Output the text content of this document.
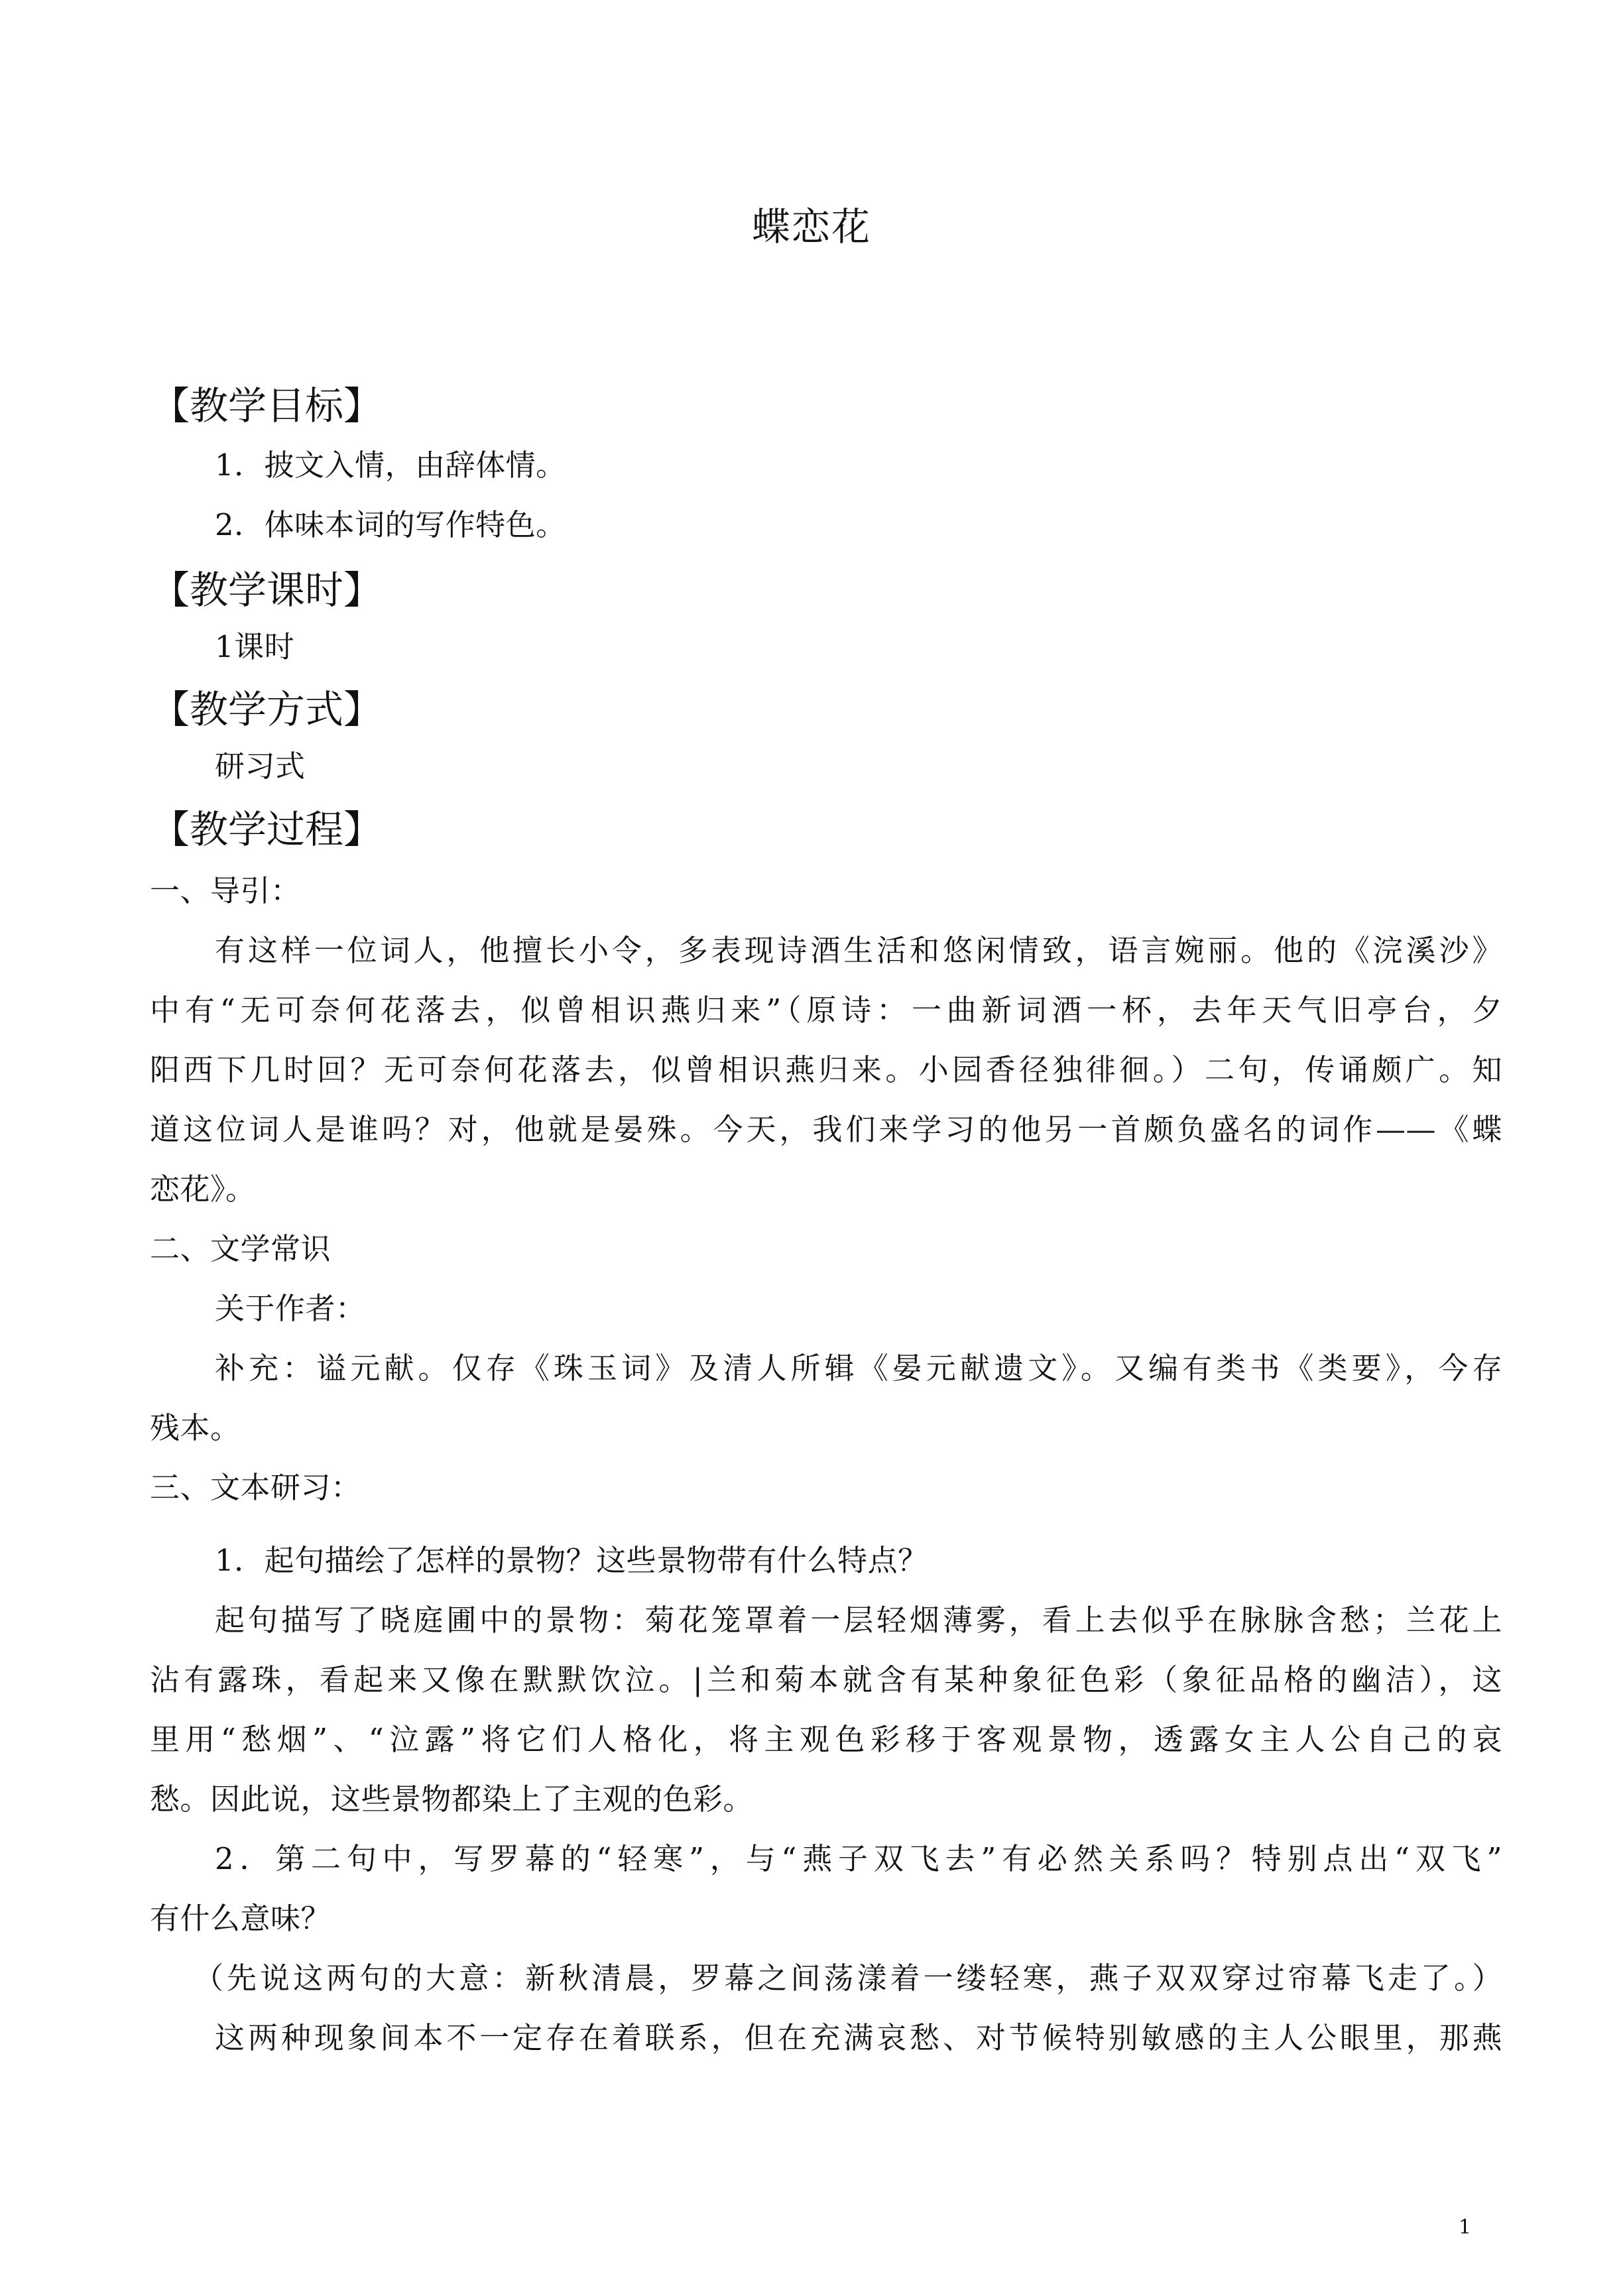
蝶恋花
【教学目标】
1．披文入情，由辞体情。
2．体味本词的写作特色。
【教学课时】
1课时
【教学方式】
研习式
【教学过程】
一、导引：
有这样一位词人，他擅长小令，多表现诗酒生活和悠闲情致，语言婉丽。他的《浣溪沙》
中有“无可奈何花落去，似曾相识燕归来”（原诗：一曲新词酒一杯，去年天气旧亭台，夕
阳西下几时回？无可奈何花落去，似曾相识燕归来。小园香径独徘徊。）二句，传诵颇广。知
道这位词人是谁吗？对，他就是晏殊。今天，我们来学习的他另一首颇负盛名的词作——《蝶
恋花》。
二、文学常识
关于作者：
补充：谥元献。仅存《珠玉词》及清人所辑《晏元献遗文》。又编有类书《类要》，今存
残本。
三、文本研习：
1．起句描绘了怎样的景物？这些景物带有什么特点？
起句描写了晓庭圃中的景物：菊花笼罩着一层轻烟薄雾，看上去似乎在脉脉含愁；兰花上
沾有露珠，看起来又像在默默饮泣。|兰和菊本就含有某种象征色彩（象征品格的幽洁），这
里用“愁烟”、“泣露”将它们人格化，将主观色彩移于客观景物，透露女主人公自己的哀
愁。因此说，这些景物都染上了主观的色彩。
2．第二句中，写罗幕的“轻寒”，与“燕子双飞去”有必然关系吗？特别点出“双飞”
有什么意味？
（先说这两句的大意：新秋清晨，罗幕之间荡漾着一缕轻寒，燕子双双穿过帘幕飞走了。）
这两种现象间本不一定存在着联系，但在充满哀愁、对节候特别敏感的主人公眼里，那燕
1
